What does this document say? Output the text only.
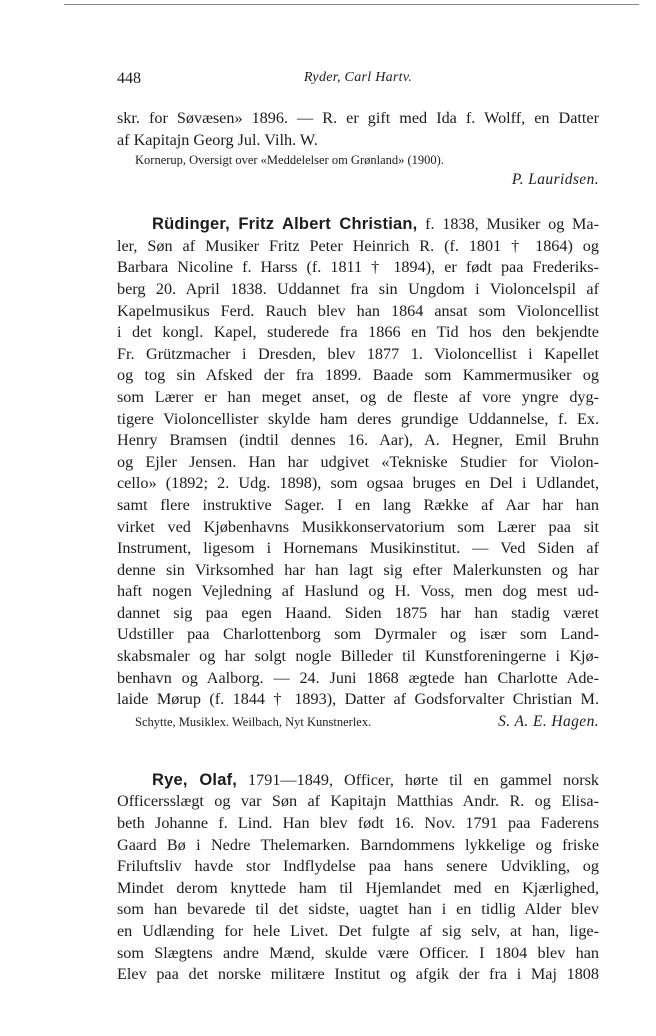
448	Ryder, Carl Hartv.
skr. for Søvæsen» 1896. — R. er gift med Ida f. Wolff, en Datter
af Kapitajn Georg Jul. Vilh. W.
Kornerup, Oversigt over «Meddelelser om Grønland» (1900).
P. Lauridsen.
Rüdinger, Fritz Albert Christian, f. 1838, Musiker og Ma-
ler, Søn af Musiker Fritz Peter Heinrich R. (f. 1801 † 1864) og
Barbara Nicoline f. Harss (f. 1811 † 1894), er født paa Frederiks-
berg 20. April 1838. Uddannet fra sin Ungdom i Violoncelspil af
Kapelmusikus Ferd. Rauch blev han 1864 ansat som Violoncellist
i det kongl. Kapel, studerede fra 1866 en Tid hos den bekjendte
Fr. Grützmacher i Dresden, blev 1877 1. Violoncellist i Kapellet
og tog sin Afsked der fra 1899. Baade som Kammermusiker og
som Lærer er han meget anset, og de fleste af vore yngre dyg-
tigere Violoncellister skylde ham deres grundige Uddannelse, f. Ex.
Henry Bramsen (indtil dennes 16. Aar), A. Hegner, Emil Bruhn
og Ejler Jensen. Han har udgivet «Tekniske Studier for Violon-
cello» (1892; 2. Udg. 1898), som ogsaa bruges en Del i Udlandet,
samt flere instruktive Sager. I en lang Række af Aar har han
virket ved Kjøbenhavns Musikkonservatorium som Lærer paa sit
Instrument, ligesom i Hornemans Musikinstitut. — Ved Siden af
denne sin Virksomhed har han lagt sig efter Malerkunsten og har
haft nogen Vejledning af Haslund og H. Voss, men dog mest ud-
dannet sig paa egen Haand. Siden 1875 har han stadig været
Udstiller paa Charlottenborg som Dyrmaler og især som Land-
skabsmaler og har solgt nogle Billeder til Kunstforeningerne i Kjø-
benhavn og Aalborg. — 24. Juni 1868 ægtede han Charlotte Ade-
laide Mørup (f. 1844 † 1893), Datter af Godsforvalter Christian M.
Schytte, Musiklex. Weilbach, Nyt Kunstnerlex.	S. A. E. Hagen.
Rye, Olaf, 1791—1849, Officer, hørte til en gammel norsk
Officersslægt og var Søn af Kapitajn Matthias Andr. R. og Elisa-
beth Johanne f. Lind. Han blev født 16. Nov. 1791 paa Faderens
Gaard Bø i Nedre Thelemarken. Barndommens lykkelige og friske
Friluftsliv havde stor Indflydelse paa hans senere Udvikling, og
Mindet derom knyttede ham til Hjemlandet med en Kjærlighed,
som han bevarede til det sidste, uagtet han i en tidlig Alder blev
en Udlænding for hele Livet. Det fulgte af sig selv, at han, lige-
som Slægtens andre Mænd, skulde være Officer. I 1804 blev han
Elev paa det norske militære Institut og afgik der fra i Maj 1808
